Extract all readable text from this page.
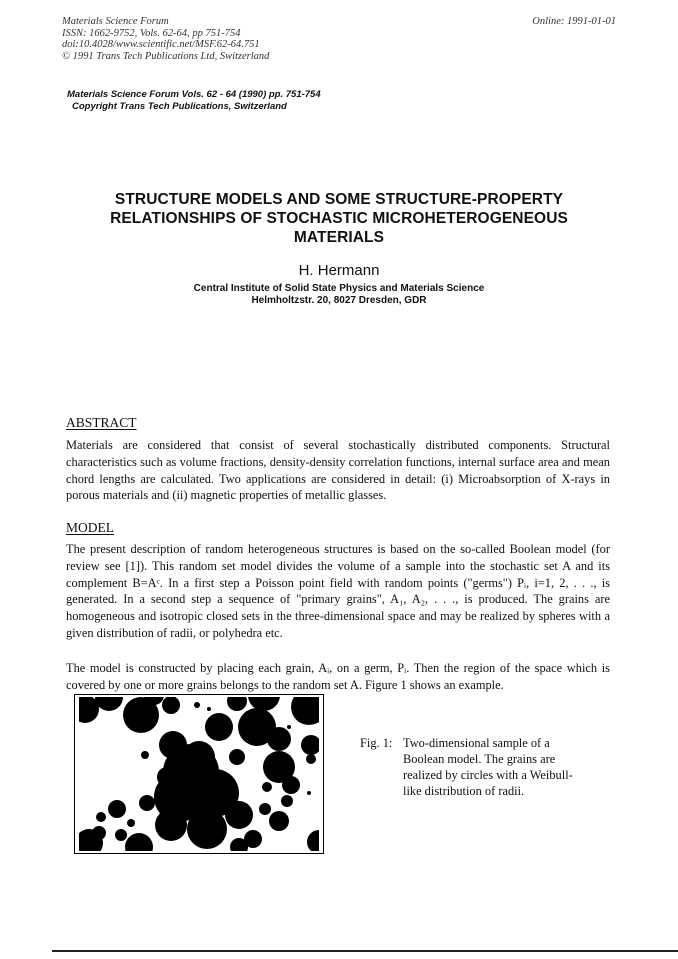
Materials Science Forum
ISSN: 1662-9752, Vols. 62-64, pp 751-754
doi:10.4028/www.scientific.net/MSF.62-64.751
© 1991 Trans Tech Publications Ltd, Switzerland
Online: 1991-01-01
Materials Science Forum Vols. 62 - 64 (1990) pp. 751-754
Copyright Trans Tech Publications, Switzerland
STRUCTURE MODELS AND SOME STRUCTURE-PROPERTY
RELATIONSHIPS OF STOCHASTIC MICROHETEROGENEOUS
MATERIALS
H. Hermann
Central Institute of Solid State Physics and Materials Science
Helmholtzstr. 20, 8027 Dresden, GDR
ABSTRACT
Materials are considered that consist of several stochastically distributed components. Structural characteristics such as volume fractions, density-density correlation functions, internal surface area and mean chord lengths are calculated. Two applications are considered in detail: (i) Microabsorption of X-rays in porous materials and (ii) magnetic properties of metallic glasses.
MODEL
The present description of random heterogeneous structures is based on the so-called Boolean model (for review see [1]). This random set model divides the volume of a sample into the stochastic set A and its complement B=Aᶜ. In a first step a Poisson point field with random points ("germs") Pᵢ, i=1, 2, . . ., is generated. In a second step a sequence of "primary grains", A₁, A₂, . . ., is produced. The grains are homogeneous and isotropic closed sets in the three-dimensional space and may be realized by spheres with a given distribution of radii, or polyhedra etc.
The model is constructed by placing each grain, Aᵢ, on a germ, Pᵢ. Then the region of the space which is covered by one or more grains belongs to the random set A. Figure 1 shows an example.
Fig. 1: Two-dimensional sample of a Boolean model. The grains are realized by circles with a Weibull-like distribution of radii.
